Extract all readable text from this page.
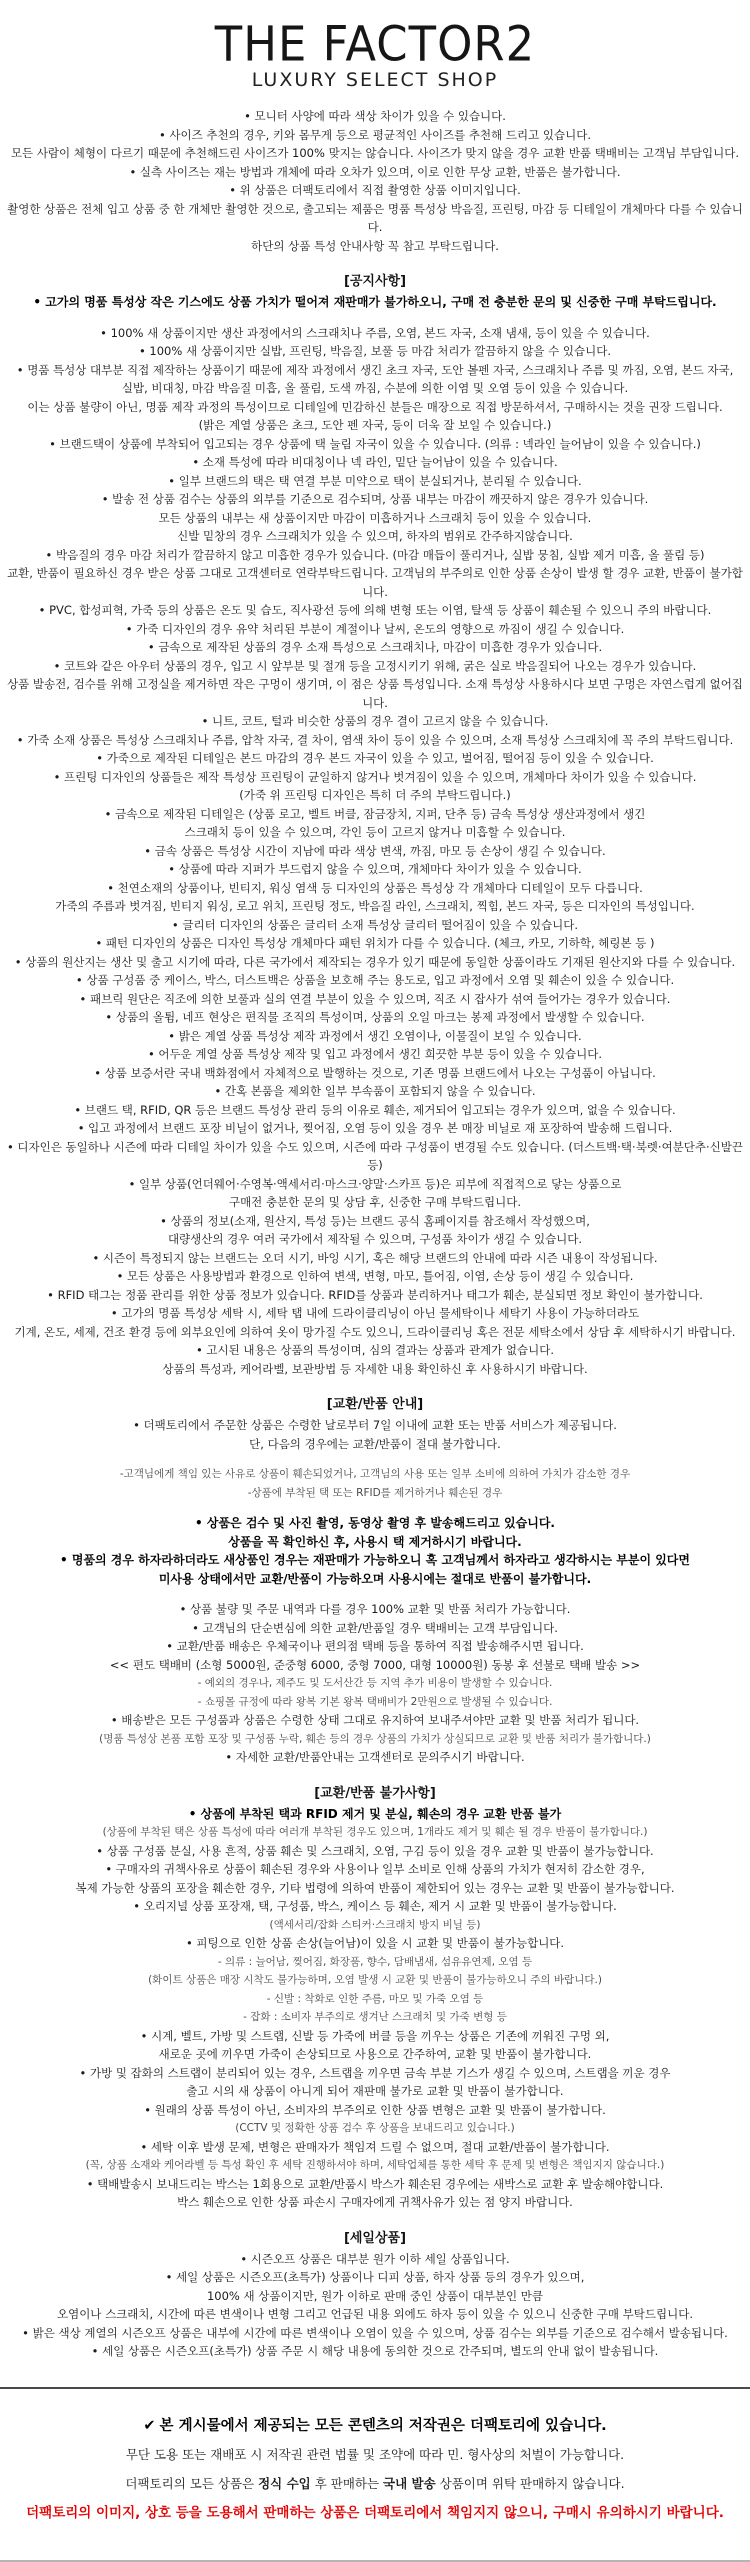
THE FACTOR2
LUXURY SELECT SHOP
• 모니터 사양에 따라 색상 차이가 있을 수 있습니다.
• 사이즈 추천의 경우, 키와 몸무게 등으로 평균적인 사이즈를 추천해 드리고 있습니다.
모든 사람이 체형이 다르기 때문에 추천해드린 사이즈가 100% 맞지는 않습니다. 사이즈가 맞지 않을 경우 교환 반품 택배비는 고객님 부담입니다.
• 실측 사이즈는 재는 방법과 개체에 따라 오차가 있으며, 이로 인한 무상 교환, 반품은 불가합니다.
• 위 상품은 더팩토리에서 직접 촬영한 상품 이미지입니다.
촬영한 상품은 전체 입고 상품 중 한 개체만 촬영한 것으로, 출고되는 제품은 명품 특성상 박음질, 프린팅, 마감 등 디테일이 개체마다 다를 수 있습니다.
하단의 상품 특성 안내사항 꼭 참고 부탁드립니다.
[공지사항]
• 고가의 명품 특성상 작은 기스에도 상품 가치가 떨어져 재판매가 불가하오니, 구매 전 충분한 문의 및 신중한 구매 부탁드립니다.
• 100% 새 상품이지만 생산 과정에서의 스크래치나 주름, 오염, 본드 자국, 소재 냄새, 등이 있을 수 있습니다.
• 100% 새 상품이지만 실밥, 프린팅, 박음질, 보풀 등 마감 처리가 깔끔하지 않을 수 있습니다.
• 명품 특성상 대부분 직접 제작하는 상품이기 때문에 제작 과정에서 생긴 초크 자국, 도안 볼펜 자국, 스크래치나 주름 및 까짐, 오염, 본드 자국,
실밥, 비대칭, 마감 박음질 미흡, 올 풀림, 도색 까짐, 수분에 의한 이염 및 오염 등이 있을 수 있습니다.
이는 상품 불량이 아닌, 명품 제작 과정의 특성이므로 디테일에 민감하신 분들은 매장으로 직접 방문하셔서, 구매하시는 것을 권장 드립니다.
(밝은 계열 상품은 초크, 도안 펜 자국, 등이 더욱 잘 보일 수 있습니다.)
• 브랜드택이 상품에 부착되어 입고되는 경우 상품에 택 눌림 자국이 있을 수 있습니다. (의류 : 넥라인 늘어남이 있을 수 있습니다.)
• 소재 특성에 따라 비대칭이나 넥 라인, 밑단 늘어남이 있을 수 있습니다.
• 일부 브랜드의 택은 택 연결 부분 미약으로 택이 분실되거나, 분리될 수 있습니다.
• 발송 전 상품 검수는 상품의 외부를 기준으로 검수되며, 상품 내부는 마감이 깨끗하지 않은 경우가 있습니다.
모든 상품의 내부는 새 상품이지만 마감이 미흡하거나 스크래치 등이 있을 수 있습니다.
신발 밑창의 경우 스크래치가 있을 수 있으며, 하자의 범위로 간주하지않습니다.
• 박음질의 경우 마감 처리가 깔끔하지 않고 미흡한 경우가 있습니다. (마감 매듭이 풀리거나, 실밥 뭉침, 실밥 제거 미흡, 올 풀림 등)
교환, 반품이 필요하신 경우 받은 상품 그대로 고객센터로 연락부탁드립니다. 고객님의 부주의로 인한 상품 손상이 발생 할 경우 교환, 반품이 불가합니다.
• PVC, 합성피혁, 가죽 등의 상품은 온도 및 습도, 직사광선 등에 의해 변형 또는 이염, 탈색 등 상품이 훼손될 수 있으니 주의 바랍니다.
• 가죽 디자인의 경우 유약 처리된 부분이 계절이나 날씨, 온도의 영향으로 까짐이 생길 수 있습니다.
• 금속으로 제작된 상품의 경우 소재 특성으로 스크래치나, 마감이 미흡한 경우가 있습니다.
• 코트와 같은 아우터 상품의 경우, 입고 시 앞부분 및 절개 등을 고정시키기 위해, 굵은 실로 박음질되어 나오는 경우가 있습니다.
상품 발송전, 검수를 위해 고정실을 제거하면 작은 구멍이 생기며, 이 점은 상품 특성입니다. 소재 특성상 사용하시다 보면 구멍은 자연스럽게 없어집니다.
• 니트, 코트, 털과 비슷한 상품의 경우 결이 고르지 않을 수 있습니다.
• 가죽 소재 상품은 특성상 스크래치나 주름, 압착 자국, 결 차이, 염색 차이 등이 있을 수 있으며, 소재 특성상 스크래치에 꼭 주의 부탁드립니다.
• 가죽으로 제작된 디테일은 본드 마감의 경우 본드 자국이 있을 수 있고, 벌어짐, 떨어짐 등이 있을 수 있습니다.
• 프린팅 디자인의 상품들은 제작 특성상 프린팅이 균일하지 않거나 벗겨짐이 있을 수 있으며, 개체마다 차이가 있을 수 있습니다.
(가죽 위 프린팅 디자인은 특히 더 주의 부탁드립니다.)
• 금속으로 제작된 디테일은 (상품 로고, 벨트 버클, 잠금장치, 지퍼, 단추 등) 금속 특성상 생산과정에서 생긴
스크래치 등이 있을 수 있으며, 각인 등이 고르지 않거나 미흡할 수 있습니다.
• 금속 상품은 특성상 시간이 지남에 따라 색상 변색, 까짐, 마모 등 손상이 생길 수 있습니다.
• 상품에 따라 지퍼가 부드럽지 않을 수 있으며, 개체마다 차이가 있을 수 있습니다.
• 천연소재의 상품이나, 빈티지, 워싱 염색 등 디자인의 상품은 특성상 각 개체마다 디테일이 모두 다릅니다.
가죽의 주름과 벗겨짐, 빈티지 워싱, 로고 위치, 프린팅 정도, 박음질 라인, 스크래치, 찍힘, 본드 자국, 등은 디자인의 특성입니다.
• 글리터 디자인의 상품은 글리터 소재 특성상 글리터 떨어짐이 있을 수 있습니다.
• 패턴 디자인의 상품은 디자인 특성상 개체마다 패턴 위치가 다를 수 있습니다. (체크, 카모, 기하학, 헤링본 등 )
• 상품의 원산지는 생산 및 출고 시기에 따라, 다른 국가에서 제작되는 경우가 있기 때문에 동일한 상품이라도 기재된 원산지와 다를 수 있습니다.
• 상품 구성품 중 케이스, 박스, 더스트백은 상품을 보호해 주는 용도로, 입고 과정에서 오염 및 훼손이 있을 수 있습니다.
• 패브릭 원단은 직조에 의한 보풀과 실의 연결 부분이 있을 수 있으며, 직조 시 잡사가 섞여 들어가는 경우가 있습니다.
• 상품의 올튐, 네프 현상은 편직물 조직의 특성이며, 상품의 오일 마크는 봉제 과정에서 발생할 수 있습니다.
• 밝은 계열 상품 특성상 제작 과정에서 생긴 오염이나, 이물질이 보일 수 있습니다.
• 어두운 계열 상품 특성상 제작 및 입고 과정에서 생긴 희끗한 부분 등이 있을 수 있습니다.
• 상품 보증서란 국내 백화점에서 자체적으로 발행하는 것으로, 기존 명품 브랜드에서 나오는 구성품이 아닙니다.
• 간혹 본품을 제외한 일부 부속품이 포함되지 않을 수 있습니다.
• 브랜드 택, RFID, QR 등은 브랜드 특성상 관리 등의 이유로 훼손, 제거되어 입고되는 경우가 있으며, 없을 수 있습니다.
• 입고 과정에서 브랜드 포장 비닐이 없거나, 찢어짐, 오염 등이 있을 경우 본 매장 비닐로 재 포장하여 발송해 드립니다.
• 디자인은 동일하나 시즌에 따라 디테일 차이가 있을 수도 있으며, 시즌에 따라 구성품이 변경될 수도 있습니다. (더스트백·택·북렛·여분단추·신발끈 등)
• 일부 상품(언더웨어·수영복·액세서리·마스크·양말·스카프 등)은 피부에 직접적으로 닿는 상품으로
구매전 충분한 문의 및 상담 후, 신중한 구매 부탁드립니다.
• 상품의 정보(소재, 원산지, 특성 등)는 브랜드 공식 홈페이지를 참조해서 작성했으며,
대량생산의 경우 여러 국가에서 제작될 수 있으며, 구성품 차이가 생길 수 있습니다.
• 시즌이 특정되지 않는 브랜드는 오더 시기, 바잉 시기, 혹은 해당 브랜드의 안내에 따라 시즌 내용이 작성됩니다.
• 모든 상품은 사용방법과 환경으로 인하여 변색, 변형, 마모, 틀어짐, 이염, 손상 등이 생길 수 있습니다.
• RFID 태그는 정품 관리를 위한 상품 정보가 있습니다. RFID를 상품과 분리하거나 태그가 훼손, 분실되면 정보 확인이 불가합니다.
• 고가의 명품 특성상 세탁 시, 세탁 탭 내에 드라이클리닝이 아닌 물세탁이나 세탁기 사용이 가능하더라도
기계, 온도, 세제, 건조 환경 등에 외부요인에 의하여 옷이 망가질 수도 있으니, 드라이클리닝 혹은 전문 세탁소에서 상담 후 세탁하시기 바랍니다.
• 고시된 내용은 상품의 특성이며, 심의 결과는 상품과 관계가 없습니다.
상품의 특성과, 케어라벨, 보관방법 등 자세한 내용 확인하신 후 사용하시기 바랍니다.
[교환/반품 안내]
• 더팩토리에서 주문한 상품은 수령한 날로부터 7일 이내에 교환 또는 반품 서비스가 제공됩니다.
단, 다음의 경우에는 교환/반품이 절대 불가합니다.
-고객님에게 책임 있는 사유로 상품이 훼손되었거나, 고객님의 사용 또는 일부 소비에 의하여 가치가 감소한 경우
-상품에 부착된 택 또는 RFID를 제거하거나 훼손된 경우
• 상품은 검수 및 사진 촬영, 동영상 촬영 후 발송해드리고 있습니다.
상품을 꼭 확인하신 후, 사용시 택 제거하시기 바랍니다.
• 명품의 경우 하자라하더라도 새상품인 경우는 재판매가 가능하오니 혹 고객님께서 하자라고 생각하시는 부분이 있다면
미사용 상태에서만 교환/반품이 가능하오며 사용시에는 절대로 반품이 불가합니다.
• 상품 불량 및 주문 내역과 다를 경우 100% 교환 및 반품 처리가 가능합니다.
• 고객님의 단순변심에 의한 교환/반품일 경우 택배비는 고객 부담입니다.
• 교환/반품 배송은 우체국이나 편의점 택배 등을 통하여 직접 발송해주시면 됩니다.
<< 편도 택배비 (소형 5000원, 준중형 6000, 중형 7000, 대형 10000원) 동봉 후 선불로 택배 발송 >>
- 예외의 경우나, 제주도 및 도서산간 등 지역 추가 비용이 발생할 수 있습니다.
- 쇼핑몰 규정에 따라 왕복 기본 왕복 택배비가 2만원으로 발생될 수 있습니다.
• 배송받은 모든 구성품과 상품은 수령한 상태 그대로 유지하여 보내주셔야만 교환 및 반품 처리가 됩니다.
(명품 특성상 본품 포함 포장 및 구성품 누락, 훼손 등의 경우 상품의 가치가 상실되므로 교환 및 반품 처리가 불가합니다.)
• 자세한 교환/반품안내는 고객센터로 문의주시기 바랍니다.
[교환/반품 불가사항]
• 상품에 부착된 택과 RFID 제거 및 분실, 훼손의 경우 교환 반품 불가
(상품에 부착된 택은 상품 특성에 따라 여러개 부착된 경우도 있으며, 1개라도 제거 및 훼손 될 경우 반품이 불가합니다.)
• 상품 구성품 분실, 사용 흔적, 상품 훼손 및 스크래치, 오염, 구김 등이 있을 경우 교환 및 반품이 불가능합니다.
• 구매자의 귀책사유로 상품이 훼손된 경우와 사용이나 일부 소비로 인해 상품의 가치가 현저히 감소한 경우,
복제 가능한 상품의 포장을 훼손한 경우, 기타 법령에 의하여 반품이 제한되어 있는 경우는 교환 및 반품이 불가능합니다.
• 오리지널 상품 포장재, 택, 구성품, 박스, 케이스 등 훼손, 제거 시 교환 및 반품이 불가능합니다.
(액세서리/잡화 스티커·스크래치 방지 비닐 등)
• 피팅으로 인한 상품 손상(늘어남)이 있을 시 교환 및 반품이 불가능합니다.
- 의류 : 늘어남, 찢어짐, 화장품, 향수, 담배냄새, 섬유유연제, 오염 등
(화이트 상품은 매장 시착도 불가능하며, 오염 발생 시 교환 및 반품이 불가능하오니 주의 바랍니다.)
- 신발 : 착화로 인한 주름, 마모 및 가죽 오염 등
- 잡화 : 소비자 부주의로 생겨난 스크래치 및 가죽 변형 등
• 시계, 벨트, 가방 및 스트랩, 신발 등 가죽에 버클 등을 끼우는 상품은 기존에 끼워진 구멍 외,
새로운 곳에 끼우면 가죽이 손상되므로 사용으로 간주하여, 교환 및 반품이 불가합니다.
• 가방 및 잡화의 스트랩이 분리되어 있는 경우, 스트랩을 끼우면 금속 부분 기스가 생길 수 있으며, 스트랩을 끼운 경우
출고 시의 새 상품이 아니게 되어 재판매 불가로 교환 및 반품이 불가합니다.
• 원래의 상품 특성이 아닌, 소비자의 부주의로 인한 상품 변형은 교환 및 반품이 불가합니다.
(CCTV 및 정확한 상품 검수 후 상품을 보내드리고 있습니다.)
• 세탁 이후 발생 문제, 변형은 판매자가 책임져 드릴 수 없으며, 절대 교환/반품이 불가합니다.
(꼭, 상품 소재와 케어라벨 등 특성 확인 후 세탁 진행하셔야 하며, 세탁업체를 통한 세탁 후 문제 및 변형은 책임지지 않습니다.)
• 택배발송시 보내드리는 박스는 1회용으로 교환/반품시 박스가 훼손된 경우에는 새박스로 교환 후 발송해야합니다.
박스 훼손으로 인한 상품 파손시 구매자에게 귀책사유가 있는 점 양지 바랍니다.
[세일상품]
• 시즌오프 상품은 대부분 원가 이하 세일 상품입니다.
• 세일 상품은 시즌오프(초특가) 상품이나 디피 상품, 하자 상품 등의 경우가 있으며,
100% 새 상품이지만, 원가 이하로 판매 중인 상품이 대부분인 만큼
오염이나 스크래치, 시간에 따른 변색이나 변형 그리고 언급된 내용 외에도 하자 등이 있을 수 있으니 신중한 구매 부탁드립니다.
• 밝은 색상 계열의 시즌오프 상품은 내부에 시간에 따른 변색이나 오염이 있을 수 있으며, 상품 검수는 외부를 기준으로 검수해서 발송됩니다.
• 세일 상품은 시즌오프(초특가) 상품 주문 시 해당 내용에 동의한 것으로 간주되며, 별도의 안내 없이 발송됩니다.
✔ 본 게시물에서 제공되는 모든 콘텐츠의 저작권은 더팩토리에 있습니다.
무단 도용 또는 재배포 시 저작권 관련 법률 및 조약에 따라 민. 형사상의 처벌이 가능합니다.
더팩토리의 모든 상품은 정식 수입 후 판매하는 국내 발송 상품이며 위탁 판매하지 않습니다.
더팩토리의 이미지, 상호 등을 도용해서 판매하는 상품은 더팩토리에서 책임지지 않으니, 구매시 유의하시기 바랍니다.
